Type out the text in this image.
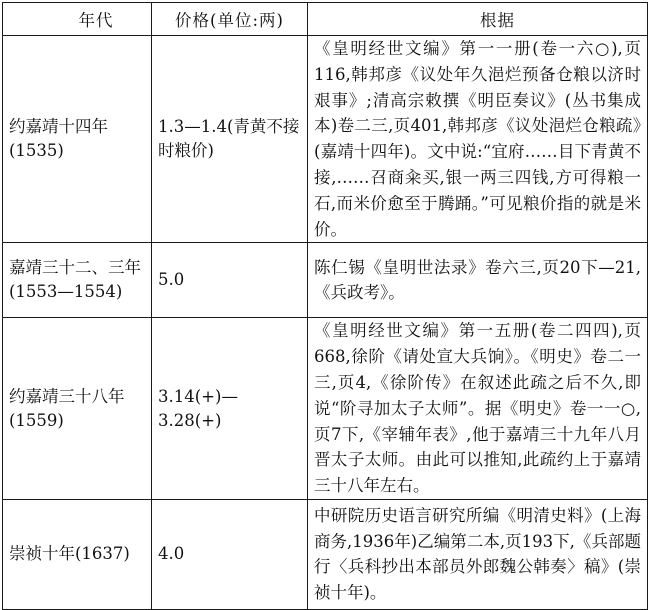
年代	价格(单位:两)	根据
约嘉靖十四年(1535)	1.3—1.4(青黄不接时粮价)	《皇明经世文编》第一一册(卷一六○),页116,韩邦彦《议处年久浥烂预备仓粮以济时艰事》;清高宗敕撰《明臣奏议》(丛书集成本)卷二三,页401,韩邦彦《议处浥烂仓粮疏》(嘉靖十四年)。文中说:“宜府……目下青黄不接,……召商籴买,银一两三四钱,方可得粮一石,而米价愈至于腾踊。”可见粮价指的就是米价。
嘉靖三十二、三年(1553—1554)	5.0	陈仁锡《皇明世法录》卷六三,页20下—21,《兵政考》。
约嘉靖三十八年(1559)	3.14(+)—3.28(+)	《皇明经世文编》第一五册(卷二四四),页668,徐阶《请处宣大兵饷》。《明史》卷二一三,页4,《徐阶传》在叙述此疏之后不久,即说“阶寻加太子太师”。据《明史》卷一一○,页7下,《宰辅年表》,他于嘉靖三十九年八月晋太子太师。由此可以推知,此疏约上于嘉靖三十八年左右。
崇祯十年(1637)	4.0	中研院历史语言研究所编《明清史料》(上海商务,1936年)乙编第二本,页193下,《兵部题行〈兵科抄出本部员外郎魏公韩奏〉稿》(崇祯十年)。
